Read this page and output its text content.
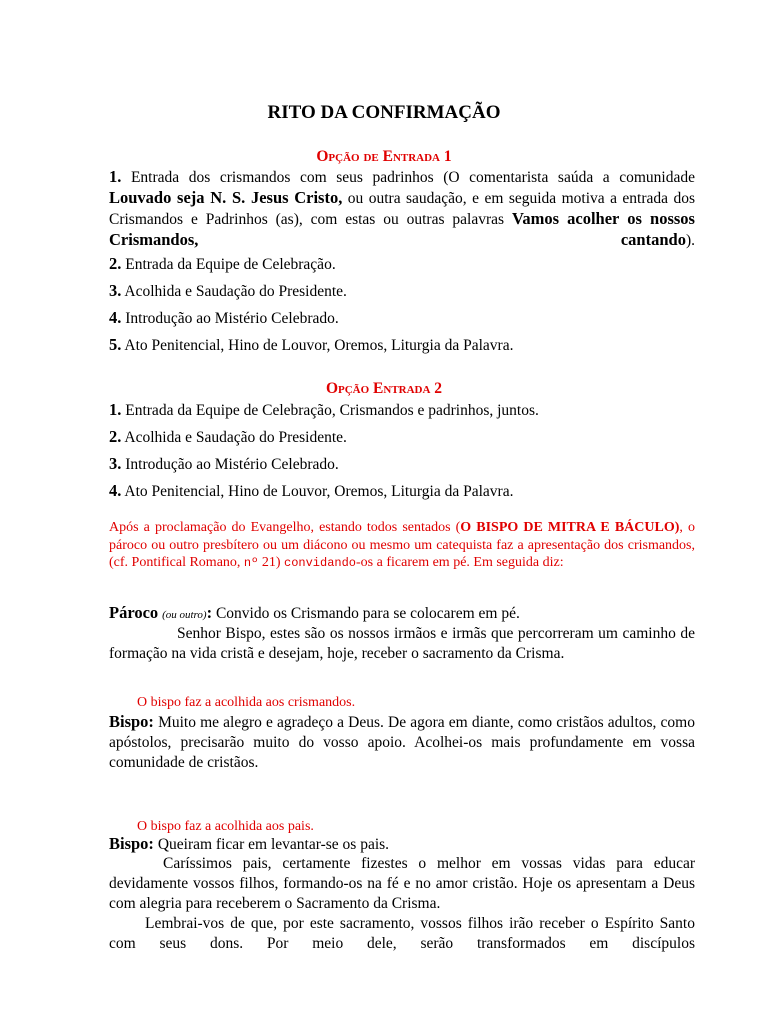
RITO DA CONFIRMAÇÃO
Opção de Entrada 1
1. Entrada dos crismandos com seus padrinhos (O comentarista saúda a comunidade Louvado seja N. S. Jesus Cristo, ou outra saudação, e em seguida motiva a entrada dos Crismandos e Padrinhos (as), com estas ou outras palavras Vamos acolher os nossos Crismandos, cantando).
2. Entrada da Equipe de Celebração.
3. Acolhida e Saudação do Presidente.
4. Introdução ao Mistério Celebrado.
5. Ato Penitencial, Hino de Louvor, Oremos, Liturgia da Palavra.
Opção Entrada 2
1. Entrada da Equipe de Celebração, Crismandos e padrinhos, juntos.
2. Acolhida e Saudação do Presidente.
3. Introdução ao Mistério Celebrado.
4. Ato Penitencial, Hino de Louvor, Oremos, Liturgia da Palavra.
Após a proclamação do Evangelho, estando todos sentados (O BISPO DE MITRA E BÁCULO), o pároco ou outro presbítero ou um diácono ou mesmo um catequista faz a apresentação dos crismandos, (cf. Pontifical Romano, nº 21) convidando-os a ficarem em pé. Em seguida diz:
Pároco (ou outro): Convido os Crismando para se colocarem em pé.
Senhor Bispo, estes são os nossos irmãos e irmãs que percorreram um caminho de formação na vida cristã e desejam, hoje, receber o sacramento da Crisma.
O bispo faz a acolhida aos crismandos.
Bispo: Muito me alegro e agradeço a Deus. De agora em diante, como cristãos adultos, como apóstolos, precisarão muito do vosso apoio. Acolhei-os mais profundamente em vossa comunidade de cristãos.
O bispo faz a acolhida aos pais.
Bispo: Queiram ficar em levantar-se os pais.
Caríssimos pais, certamente fizestes o melhor em vossas vidas para educar devidamente vossos filhos, formando-os na fé e no amor cristão. Hoje os apresentam a Deus com alegria para receberem o Sacramento da Crisma.
Lembrai-vos de que, por este sacramento, vossos filhos irão receber o Espírito Santo com seus dons. Por meio dele, serão transformados em discípulos
